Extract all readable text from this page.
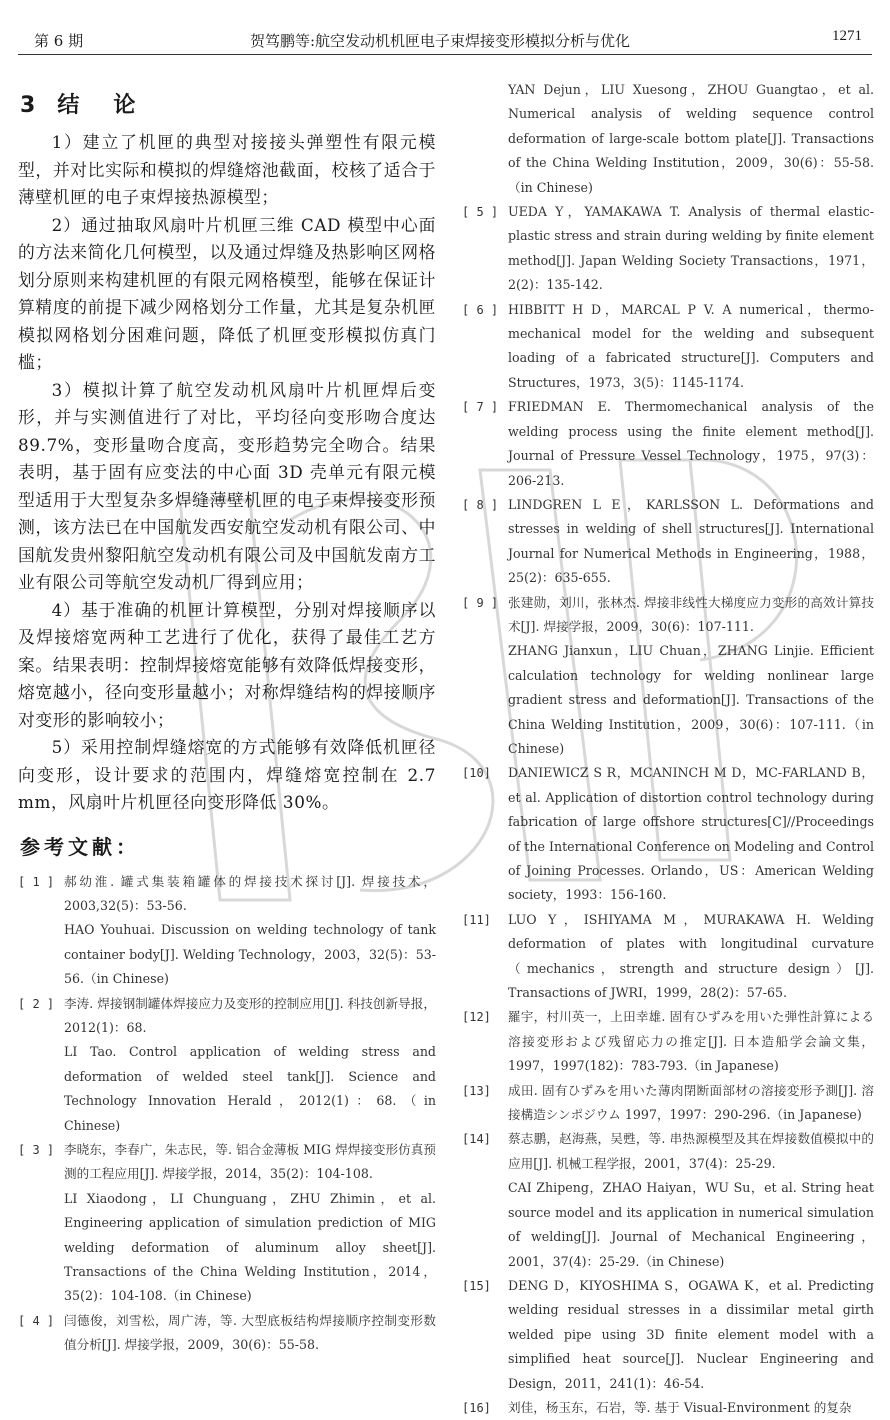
第 6 期	贺笃鹏等:航空发动机机匣电子束焊接变形模拟分析与优化	1271
3 结　论

1）建立了机匣的典型对接接头弹塑性有限元模型，并对比实际和模拟的焊缝熔池截面，校核了适合于薄壁机匣的电子束焊接热源模型；

2）通过抽取风扇叶片机匣三维 CAD 模型中心面的方法来简化几何模型，以及通过焊缝及热影响区网格划分原则来构建机匣的有限元网格模型，能够在保证计算精度的前提下减少网格划分工作量，尤其是复杂机匣模拟网格划分困难问题，降低了机匣变形模拟仿真门槛；

3）模拟计算了航空发动机风扇叶片机匣焊后变形，并与实测值进行了对比，平均径向变形吻合度达 89.7%，变形量吻合度高，变形趋势完全吻合。结果表明，基于固有应变法的中心面 3D 壳单元有限元模型适用于大型复杂多焊缝薄壁机匣的电子束焊接变形预测，该方法已在中国航发西安航空发动机有限公司、中国航发贵州黎阳航空发动机有限公司及中国航发南方工业有限公司等航空发动机厂得到应用；

4）基于准确的机匣计算模型，分别对焊接顺序以及焊接熔宽两种工艺进行了优化，获得了最佳工艺方案。结果表明：控制焊接熔宽能够有效降低焊接变形，熔宽越小，径向变形量越小；对称焊缝结构的焊接顺序对变形的影响较小；

5）采用控制焊缝熔宽的方式能够有效降低机匣径向变形，设计要求的范围内，焊缝熔宽控制在 2.7 mm，风扇叶片机匣径向变形降低 30%。

参考文献：
[ 1 ] 郝幼淮. 罐式集装箱罐体的焊接技术探讨[J]. 焊接技术，2003,32(5)：53-56.
HAO Youhuai. Discussion on welding technology of tank container body[J]. Welding Technology，2003，32(5)：53-56.（in Chinese)
[ 2 ] 李涛. 焊接钢制罐体焊接应力及变形的控制应用[J]. 科技创新导报，2012(1)：68.
LI Tao. Control application of welding stress and deformation of welded steel tank[J]. Science and Technology Innovation Herald，2012(1)：68.（in Chinese)
[ 3 ] 李晓东，李春广，朱志民，等. 铝合金薄板 MIG 焊焊接变形仿真预测的工程应用[J]. 焊接学报，2014，35(2)：104-108.
LI Xiaodong，LI Chunguang，ZHU Zhimin，et al. Engineering application of simulation prediction of MIG welding deformation of aluminum alloy sheet[J]. Transactions of the China Welding Institution，2014，35(2)：104-108.（in Chinese)
[ 4 ] 闫德俊，刘雪松，周广涛，等. 大型底板结构焊接顺序控制变形数值分析[J]. 焊接学报，2009，30(6)：55-58.
YAN Dejun，LIU Xuesong，ZHOU Guangtao，et al. Numerical analysis of welding sequence control deformation of large-scale bottom plate[J]. Transactions of the China Welding Institution，2009，30(6)：55-58.（in Chinese)
[ 5 ] UEDA Y，YAMAKAWA T. Analysis of thermal elastic-plastic stress and strain during welding by finite element method[J]. Japan Welding Society Transactions，1971，2(2)：135-142.
[ 6 ] HIBBITT H D，MARCAL P V. A numerical，thermo-mechanical model for the welding and subsequent loading of a fabricated structure[J]. Computers and Structures，1973，3(5)：1145-1174.
[ 7 ] FRIEDMAN E. Thermomechanical analysis of the welding process using the finite element method[J]. Journal of Pressure Vessel Technology，1975，97(3)：206-213.
[ 8 ] LINDGREN L E，KARLSSON L. Deformations and stresses in welding of shell structures[J]. International Journal for Numerical Methods in Engineering，1988，25(2)：635-655.
[ 9 ] 张建勋，刘川，张林杰. 焊接非线性大梯度应力变形的高效计算技术[J]. 焊接学报，2009，30(6)：107-111.
ZHANG Jianxun，LIU Chuan，ZHANG Linjie. Efficient calculation technology for welding nonlinear large gradient stress and deformation[J]. Transactions of the China Welding Institution，2009，30(6)：107-111.（in Chinese)
[10]	DANIEWICZ S R，MCANINCH M D，MC-FARLAND B，et al. Application of distortion control technology during fabrication of large offshore structures[C]//Proceedings of the International Conference on Modeling and Control of Joining Processes. Orlando，US：American Welding society，1993：156-160.
[11]	LUO Y，ISHIYAMA M，MURAKAWA H. Welding deformation of plates with longitudinal curvature（mechanics，strength and structure design）[J]. Transactions of JWRI，1999，28(2)：57-65.
[12]	羅宇，村川英一，上田幸雄. 固有ひずみを用いた弾性計算による溶接変形および残留応力の推定[J]. 日本造船学会論文集，1997，1997(182)：783-793.（in Japanese)
[13]	成田. 固有ひずみを用いた薄肉閉断面部材の溶接変形予測[J]. 溶接構造シンポジウム 1997，1997：290-296.（in Japanese)
[14]	蔡志鹏，赵海燕，吴甦，等. 串热源模型及其在焊接数值模拟中的应用[J]. 机械工程学报，2001，37(4)：25-29.
CAI Zhipeng，ZHAO Haiyan，WU Su，et al. String heat source model and its application in numerical simulation of welding[J]. Journal of Mechanical Engineering，2001，37(4)：25-29.（in Chinese)
[15]	DENG D，KIYOSHIMA S，OGAWA K，et al. Predicting welding residual stresses in a dissimilar metal girth welded pipe using 3D finite element model with a simplified heat source[J]. Nuclear Engineering and Design，2011，241(1)：46-54.
[16]	刘佳，杨玉东，石岩，等. 基于 Visual-Environment 的复杂
